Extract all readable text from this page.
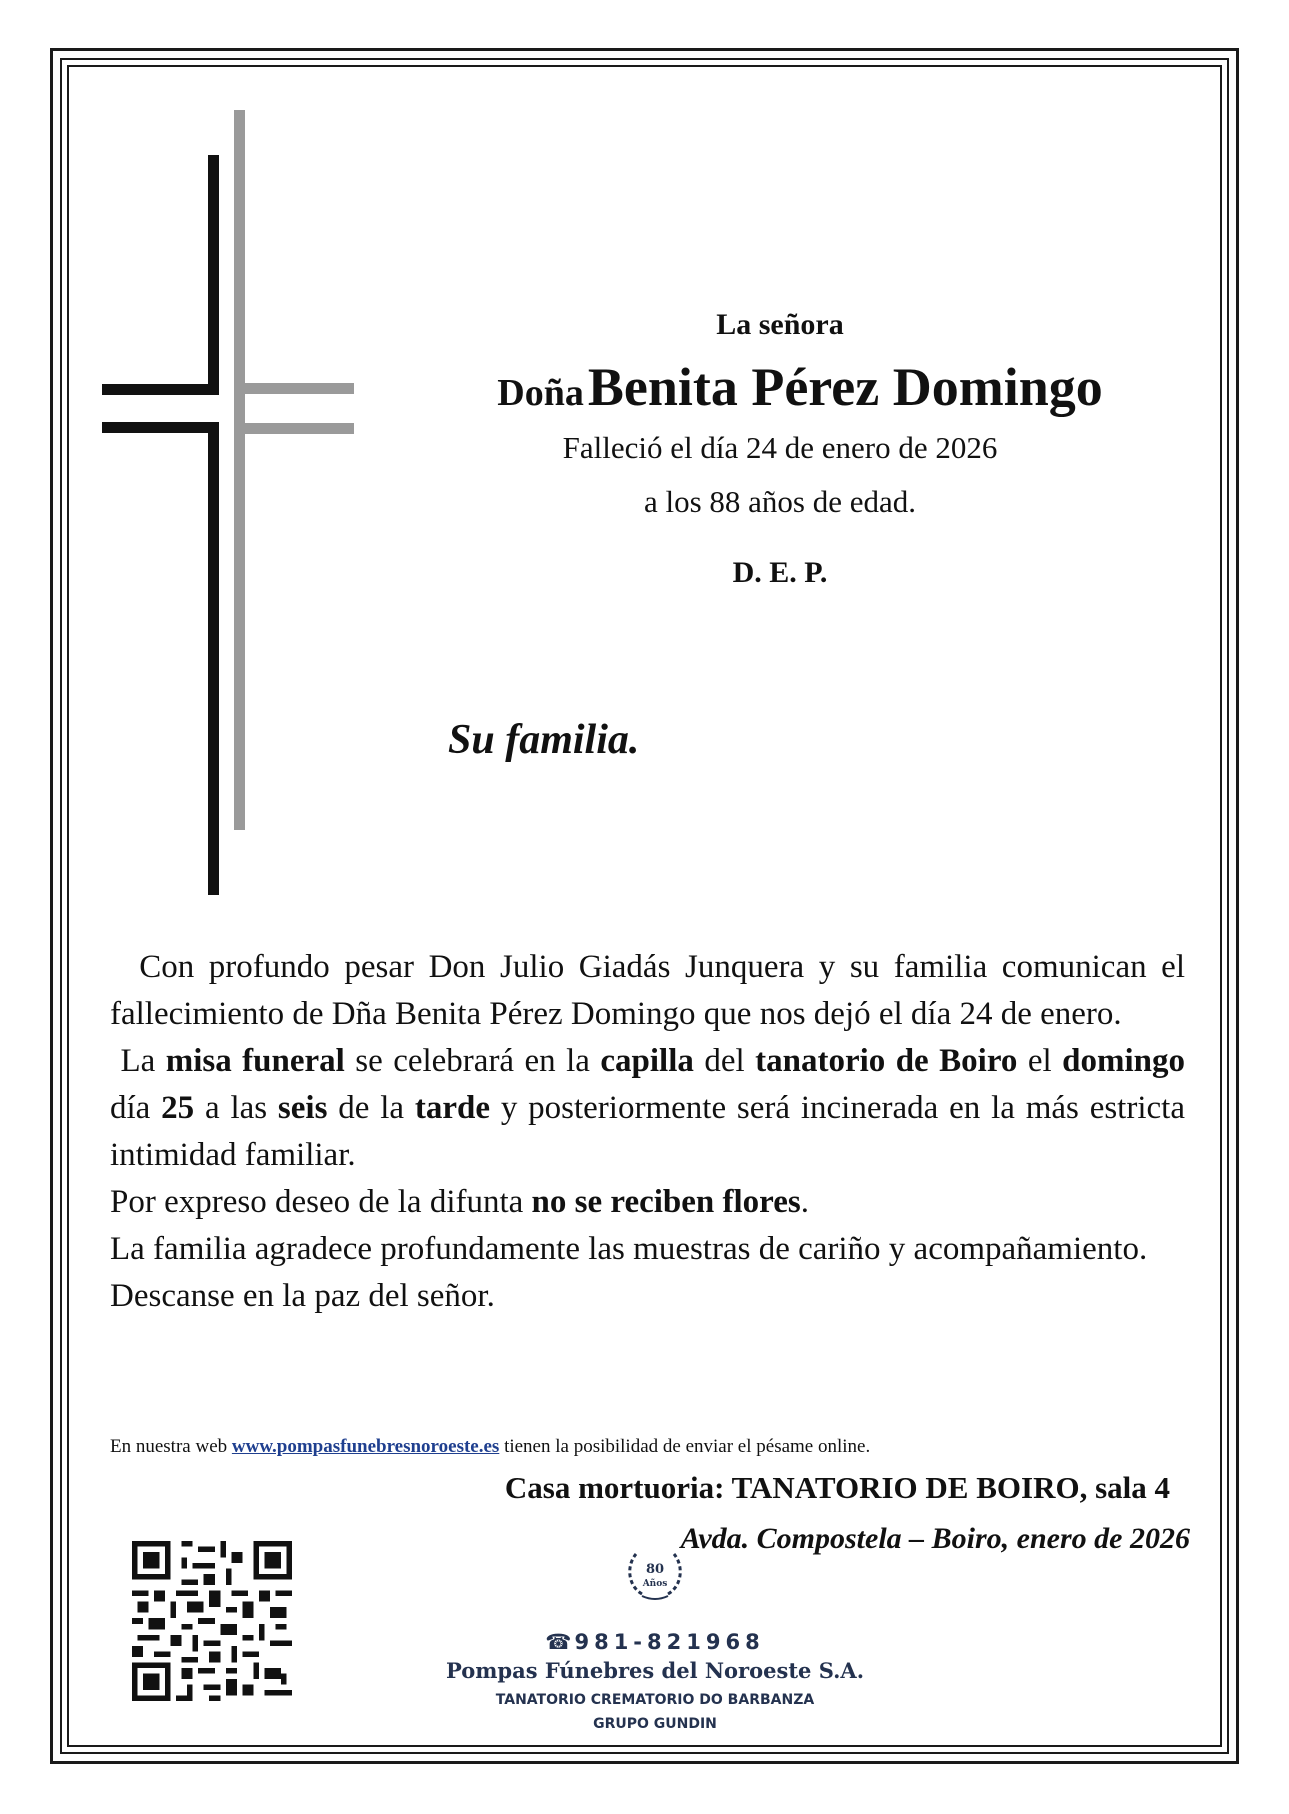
La señora
Doña Benita Pérez Domingo
Falleció el día 24 de enero de 2026
a los 88 años de edad.
D. E. P.
Su familia.

Con profundo pesar Don Julio Giadás Junquera y su familia comunican el fallecimiento de Dña Benita Pérez Domingo que nos dejó el día 24 de enero.

La misa funeral se celebrará en la capilla del tanatorio de Boiro el domingo día 25 a las seis de la tarde y posteriormente será incinerada en la más estricta intimidad familiar.

Por expreso deseo de la difunta no se reciben flores.

La familia agradece profundamente las muestras de cariño y acompañamiento.

Descanse en la paz del señor.

En nuestra web www.pompasfunebresnoroeste.es tienen la posibilidad de enviar el pésame online.
Casa mortuoria: TANATORIO DE BOIRO, sala 4
Avda. Compostela – Boiro, enero de 2026
80
Años
☎ 981-821968
Pompas Fúnebres del Noroeste S.A.
TANATORIO CREMATORIO DO BARBANZA
GRUPO GUNDIN
